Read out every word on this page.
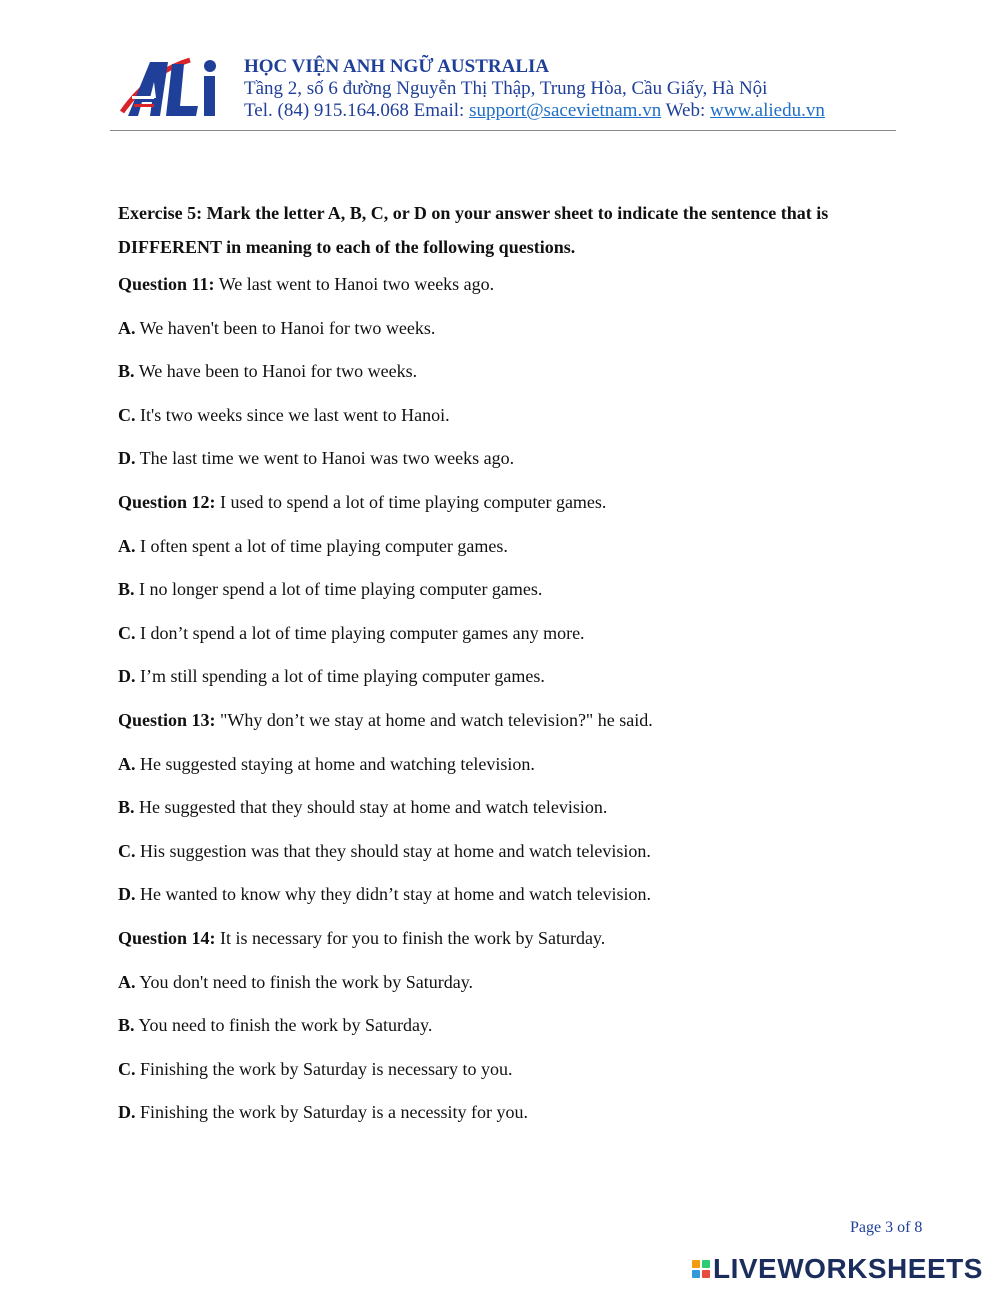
HỌC VIỆN ANH NGỮ AUSTRALIA
Tầng 2, số 6 đường Nguyễn Thị Thập, Trung Hòa, Cầu Giấy, Hà Nội
Tel. (84) 915.164.068 Email: support@sacevietnam.vn Web: www.aliedu.vn
Exercise 5: Mark the letter A, B, C, or D on your answer sheet to indicate the sentence that is DIFFERENT in meaning to each of the following questions.
Question 11: We last went to Hanoi two weeks ago.
A. We haven't been to Hanoi for two weeks.
B. We have been to Hanoi for two weeks.
C. It's two weeks since we last went to Hanoi.
D. The last time we went to Hanoi was two weeks ago.
Question 12: I used to spend a lot of time playing computer games.
A. I often spent a lot of time playing computer games.
B. I no longer spend a lot of time playing computer games.
C. I don’t spend a lot of time playing computer games any more.
D. I’m still spending a lot of time playing computer games.
Question 13: "Why don’t we stay at home and watch television?" he said.
A. He suggested staying at home and watching television.
B. He suggested that they should stay at home and watch television.
C. His suggestion was that they should stay at home and watch television.
D. He wanted to know why they didn’t stay at home and watch television.
Question 14: It is necessary for you to finish the work by Saturday.
A. You don't need to finish the work by Saturday.
B. You need to finish the work by Saturday.
C. Finishing the work by Saturday is necessary to you.
D. Finishing the work by Saturday is a necessity for you.
Page 3 of 8
LIVEWORKSHEETS
